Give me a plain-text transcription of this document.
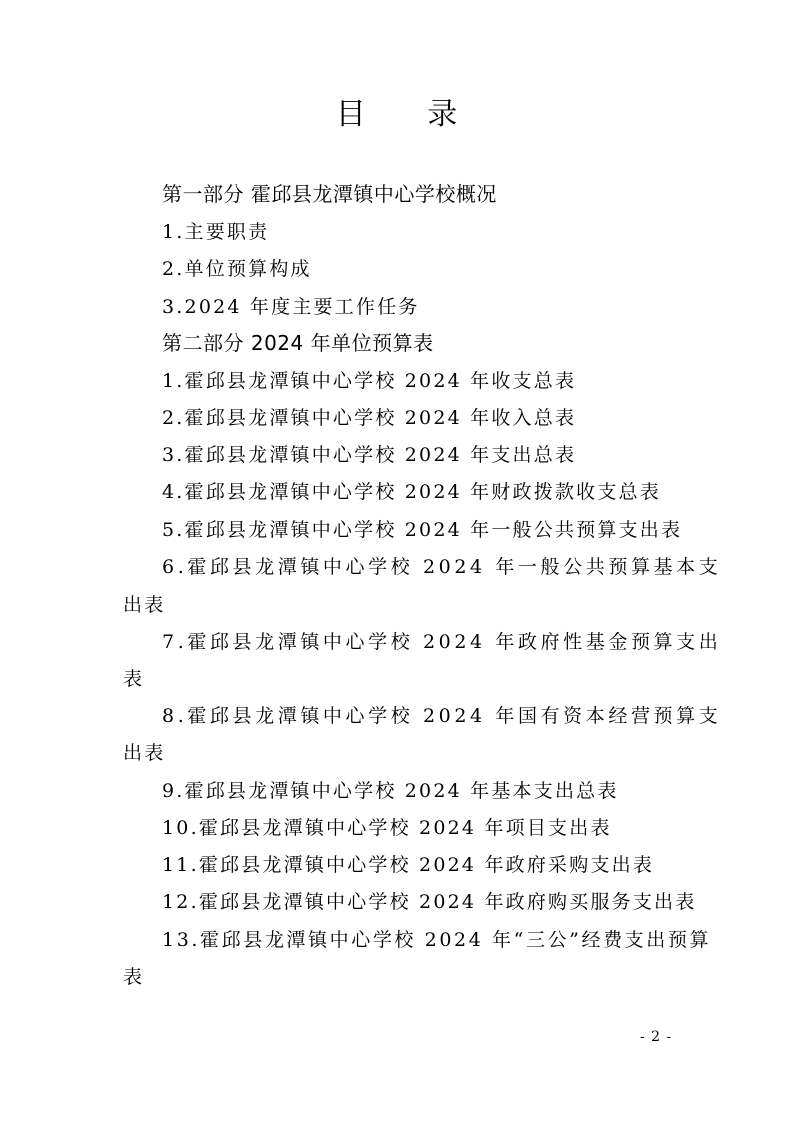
目 录
第一部分 霍邱县龙潭镇中心学校概况
1.主要职责
2.单位预算构成
3.2024 年度主要工作任务
第二部分 2024 年单位预算表
1.霍邱县龙潭镇中心学校 2024 年收支总表
2.霍邱县龙潭镇中心学校 2024 年收入总表
3.霍邱县龙潭镇中心学校 2024 年支出总表
4.霍邱县龙潭镇中心学校 2024 年财政拨款收支总表
5.霍邱县龙潭镇中心学校 2024 年一般公共预算支出表
6.霍邱县龙潭镇中心学校 2024 年一般公共预算基本支
出表
7.霍邱县龙潭镇中心学校 2024 年政府性基金预算支出
表
8.霍邱县龙潭镇中心学校 2024 年国有资本经营预算支
出表
9.霍邱县龙潭镇中心学校 2024 年基本支出总表
10.霍邱县龙潭镇中心学校 2024 年项目支出表
11.霍邱县龙潭镇中心学校 2024 年政府采购支出表
12.霍邱县龙潭镇中心学校 2024 年政府购买服务支出表
13.霍邱县龙潭镇中心学校 2024 年“三公”经费支出预算
表
- 2 -
